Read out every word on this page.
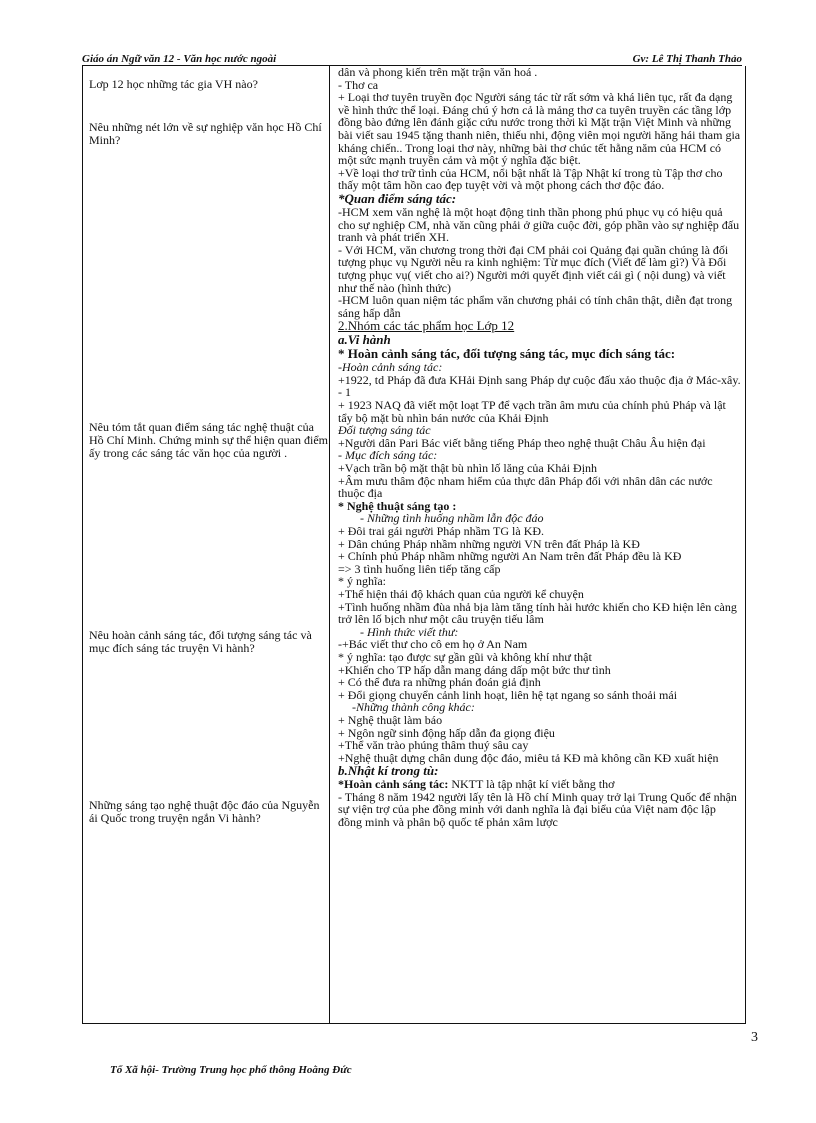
Giáo án Ngữ văn 12 - Văn học nước ngoài	Gv: Lê Thị Thanh Thảo
Lơp 12 học những tác gia VH nào?
Nêu những nét lớn về sự nghiệp văn học Hồ Chí Minh?
Nêu tóm tắt quan điểm sáng tác nghệ thuật của Hồ Chí Minh. Chứng minh sự thể hiện quan điểm ấy trong các sáng tác văn học của người .
Nêu hoàn cảnh sáng tác, đối tượng sáng tác và mục đích sáng tác truyện Vi hành?
Những sáng tạo nghệ thuật độc đáo của Nguyễn ái Quốc trong truyện ngắn Vi hành?

dân và phong kiến trên mặt trận văn hoá .

- Thơ ca

+ Loại thơ tuyên truyền đọc Người sáng tác từ rất sớm và khá liên tục, rất đa dạng về hình thức thể loại. Đáng chú ý hơn cả là mảng thơ ca tuyên truyền các tầng lớp đồng bào đứng lên đánh giặc cứu nước trong thời kì Mặt trận Việt Minh và những bài viết sau 1945 tặng thanh niên, thiếu nhi, động viên mọi người hăng hái tham gia kháng chiến.. Trong loại thơ này, những bài thơ chúc tết hằng năm của HCM có một sức mạnh truyền cảm và một ý nghĩa đặc biệt.

+Về loại thơ trữ tình của HCM, nổi bật nhất là Tập Nhật kí trong tù Tập thơ cho thấy một tâm hồn cao đẹp tuyệt vời và một phong cách thơ độc đáo.

*Quan điểm sáng tác:

-HCM xem văn nghệ là một hoạt động tinh thần phong phú phục vụ có hiệu quả cho sự nghiệp CM, nhà văn cũng phải ở giữa cuộc đời, góp phần vào sự nghiệp đấu tranh và phát triển XH.

- Với HCM, văn chương trong thời đại CM phải coi Quảng đại quần chúng là đối tượng phục vụ Người nêu ra kinh nghiệm: Từ mục đích (Viết để làm gì?) Và Đối tượng phục vụ( viết cho ai?) Người mới quyết định viết cái gì ( nội dung) và viết như thế nào (hình thức)

-HCM luôn quan niệm tác phẩm văn chương phải có tính chân thật, diễn đạt trong sáng hấp dẫn

2.Nhóm các tác phẩm học Lớp 12

a.Vi hành

* Hoàn cảnh sáng tác, đối tượng sáng tác, mục đích sáng tác:

-Hoàn cảnh sáng tác:

+1922, td Pháp đã đưa KHải Định sang Pháp dự cuộc đấu xảo thuộc địa ở Mác-xây. - 1

+ 1923 NAQ đã viết một loạt TP để vạch trần âm mưu của chính phủ Pháp và lật tẩy bộ mặt bù nhìn bán nước của Khải Định

Đối tượng sáng tác

+Người dân Pari Bác viết bằng tiếng Pháp theo nghệ thuật Châu Âu hiện đại

- Mục đích sáng tác:

+Vạch trần bộ mặt thật bù nhìn lố lăng của Khải Định

+Âm mưu thâm độc nham hiểm của thực dân Pháp đối với nhân dân các nước thuộc địa

* Nghệ thuật sáng tạo :

- Những tình huống nhầm lẫn độc đáo

+ Đôi trai gái người Pháp nhầm TG là KĐ.

+ Dân chúng Pháp nhầm những người VN trên đất Pháp là KĐ

+ Chính phủ Pháp nhầm những người An Nam trên đất Pháp đều là KĐ

=> 3 tình huống liên tiếp tăng cấp

* ý nghĩa:

+Thể hiện thái độ khách quan của người kể chuyện

+Tình huống nhầm đùa nhả bịa làm tăng tính hài hước khiến cho KĐ hiện lên càng trở lên lố bịch như một câu truyện tiếu lâm

- Hình thức viết thư:

-+Bác viết thư cho cô em họ ở An Nam

* ý nghĩa: tạo được sự gần gũi và không khí như thật

+Khiến cho TP hấp dẫn mang dáng dấp một bức thư tình

+ Có thể đưa ra những phán đoán giả định

+ Đổi giọng chuyển cảnh linh hoạt, liên hệ tạt ngang so sánh thoải mái

-Những thành công khác:

+ Nghệ thuật làm báo

+ Ngôn ngữ sinh động hấp dẫn đa giọng điệu

+Thể văn trào phúng thâm thuý sâu cay

+Nghệ thuật dựng chân dung độc đáo, miêu tả KĐ mà không cần KĐ xuất hiện

b.Nhật kí trong tù:

*Hoàn cảnh sáng tác: NKTT là tập nhật kí viết bằng thơ

- Tháng 8 năm 1942 người lấy tên là Hồ chí Minh quay trở lại Trung Quốc để nhận sự viện trợ của phe đồng minh với danh nghĩa là đại biểu của Việt nam độc lập đồng minh và phân bộ quốc tế phản xâm lược

3
Tổ Xã hội- Trường Trung học phổ thông Hoằng Đức
